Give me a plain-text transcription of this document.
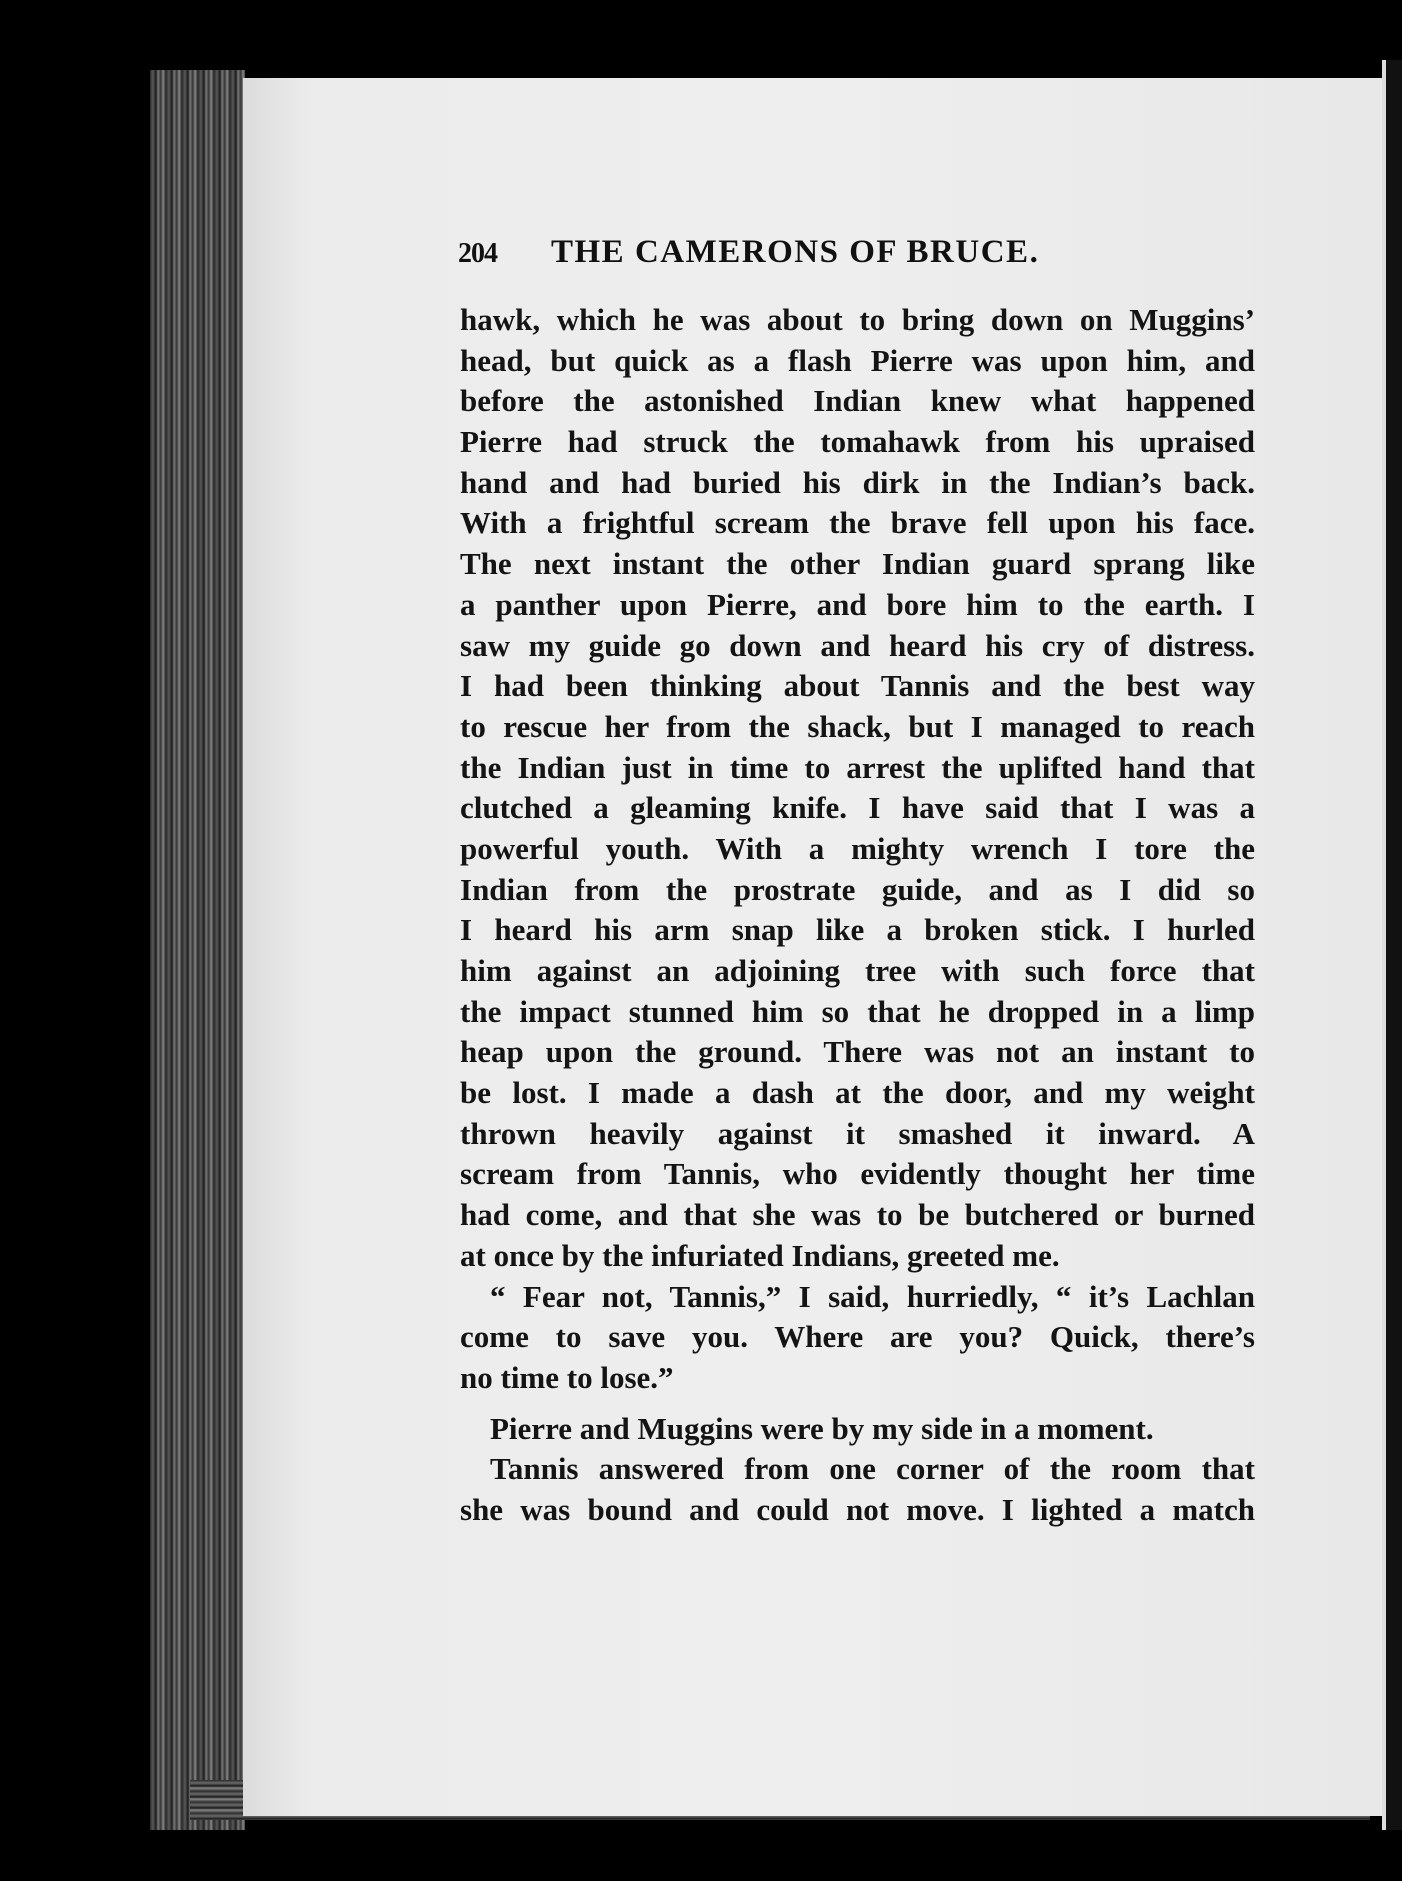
204 THE CAMERONS OF BRUCE.
hawk, which he was about to bring down on Muggins’
head, but quick as a flash Pierre was upon him, and
before the astonished Indian knew what happened
Pierre had struck the tomahawk from his upraised
hand and had buried his dirk in the Indian’s back.
With a frightful scream the brave fell upon his face.
The next instant the other Indian guard sprang like
a panther upon Pierre, and bore him to the earth. I
saw my guide go down and heard his cry of distress.
I had been thinking about Tannis and the best way
to rescue her from the shack, but I managed to reach
the Indian just in time to arrest the uplifted hand that
clutched a gleaming knife. I have said that I was a
powerful youth. With a mighty wrench I tore the
Indian from the prostrate guide, and as I did so
I heard his arm snap like a broken stick. I hurled
him against an adjoining tree with such force that
the impact stunned him so that he dropped in a limp
heap upon the ground. There was not an instant to
be lost. I made a dash at the door, and my weight
thrown heavily against it smashed it inward. A
scream from Tannis, who evidently thought her time
had come, and that she was to be butchered or burned
at once by the infuriated Indians, greeted me.
“ Fear not, Tannis,” I said, hurriedly, “ it’s Lachlan
come to save you. Where are you? Quick, there’s
no time to lose.”
Pierre and Muggins were by my side in a moment.
Tannis answered from one corner of the room that
she was bound and could not move. I lighted a match
